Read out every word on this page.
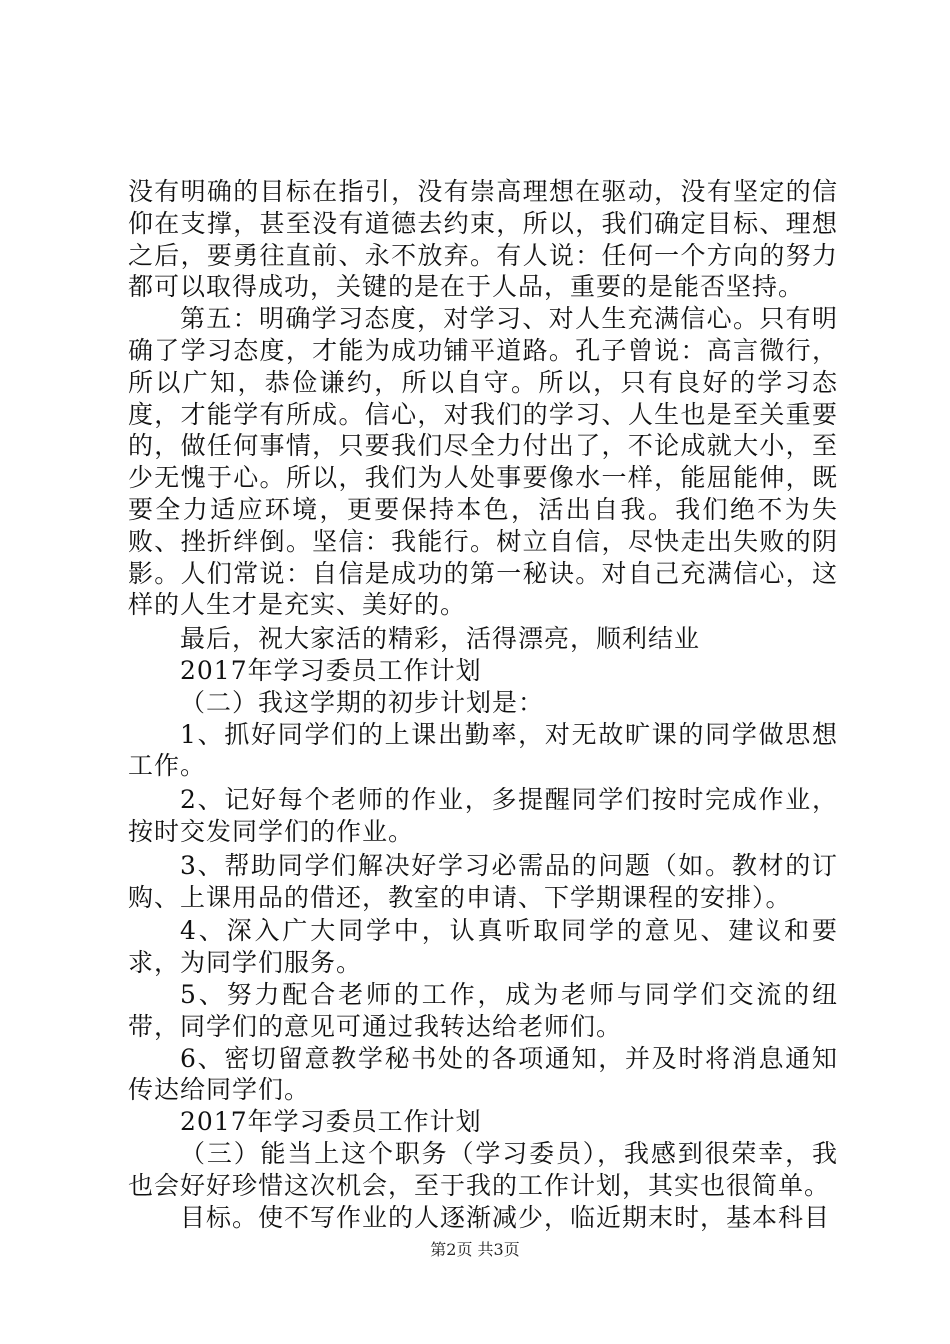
没有明确的目标在指引，没有崇高理想在驱动，没有坚定的信仰在支撑，甚至没有道德去约束，所以，我们确定目标、理想之后，要勇往直前、永不放弃。有人说：任何一个方向的努力都可以取得成功，关键的是在于人品，重要的是能否坚持。

第五：明确学习态度，对学习、对人生充满信心。只有明确了学习态度，才能为成功铺平道路。孔子曾说：高言微行，所以广知，恭俭谦约，所以自守。所以，只有良好的学习态度，才能学有所成。信心，对我们的学习、人生也是至关重要的，做任何事情，只要我们尽全力付出了，不论成就大小，至少无愧于心。所以，我们为人处事要像水一样，能屈能伸，既要全力适应环境，更要保持本色，活出自我。我们绝不为失败、挫折绊倒。坚信：我能行。树立自信，尽快走出失败的阴影。人们常说：自信是成功的第一秘诀。对自己充满信心，这样的人生才是充实、美好的。

最后，祝大家活的精彩，活得漂亮，顺利结业

2017年学习委员工作计划

（二）我这学期的初步计划是：

1、抓好同学们的上课出勤率，对无故旷课的同学做思想工作。

2、记好每个老师的作业，多提醒同学们按时完成作业，按时交发同学们的作业。

3、帮助同学们解决好学习必需品的问题（如。教材的订购、上课用品的借还，教室的申请、下学期课程的安排）。

4、深入广大同学中，认真听取同学的意见、建议和要求，为同学们服务。

5、努力配合老师的工作，成为老师与同学们交流的纽带，同学们的意见可通过我转达给老师们。

6、密切留意教学秘书处的各项通知，并及时将消息通知传达给同学们。

2017年学习委员工作计划

（三）能当上这个职务（学习委员），我感到很荣幸，我也会好好珍惜这次机会，至于我的工作计划，其实也很简单。

目标。使不写作业的人逐渐减少，临近期末时，基本科目

第2页 共3页
